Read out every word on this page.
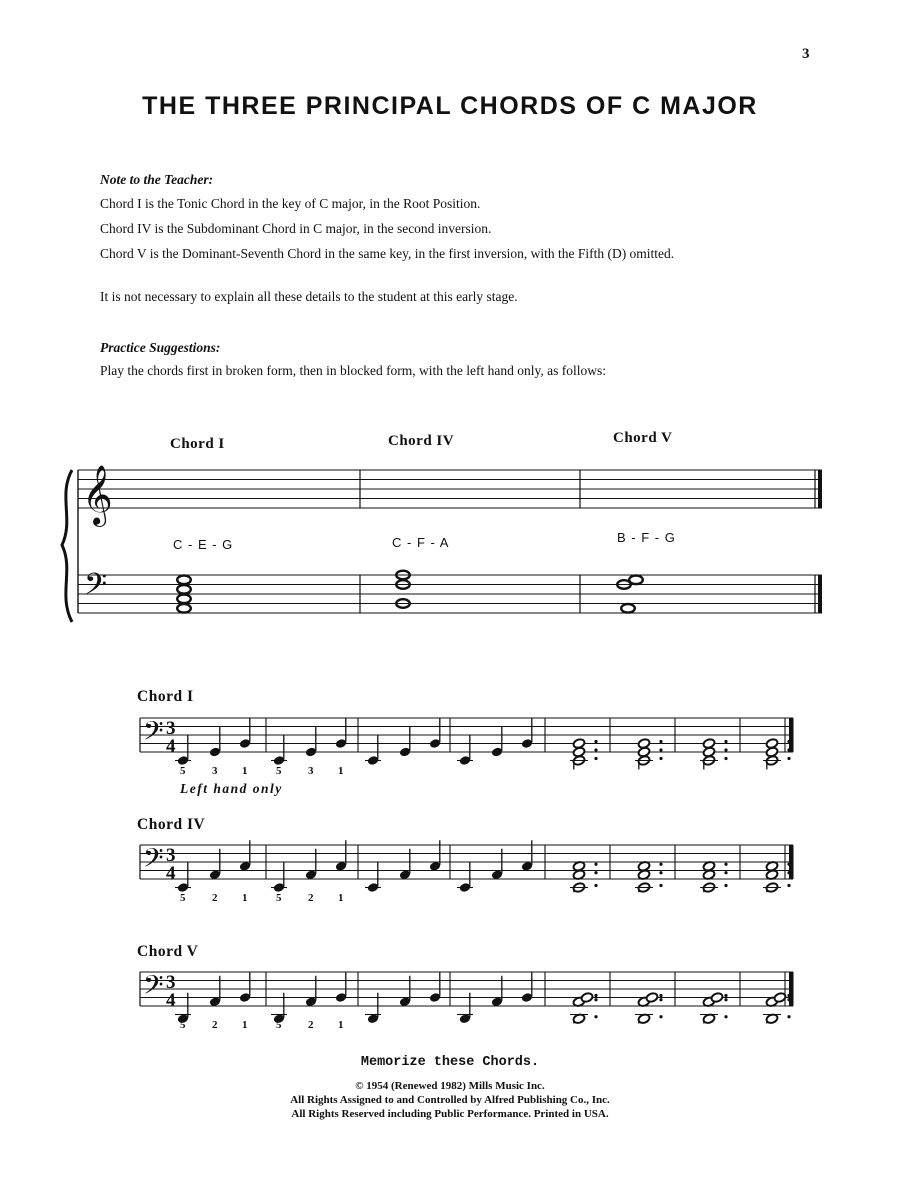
3
THE THREE PRINCIPAL CHORDS OF C MAJOR
Note to the Teacher:
Chord I is the Tonic Chord in the key of C major, in the Root Position.
Chord IV is the Subdominant Chord in C major, in the second inversion.
Chord V is the Dominant-Seventh Chord in the same key, in the first inversion, with the Fifth (D) omitted.
It is not necessary to explain all these details to the student at this early stage.
Practice Suggestions:
Play the chords first in broken form, then in blocked form, with the left hand only, as follows:
Chord I	Chord IV	Chord V
C - E - G	C - F - A	B - F - G
𝄞
𝄢
𝄢 3
4
5 3 1	5 3 1
𝄢 3
4
5 2 1	5 2 1
𝄢 3
4
5 2 1	5 2 1
Chord I
Left hand only
Chord IV
Chord V
Memorize these Chords.
© 1954 (Renewed 1982) Mills Music Inc.
All Rights Assigned to and Controlled by Alfred Publishing Co., Inc.
All Rights Reserved including Public Performance. Printed in USA.
